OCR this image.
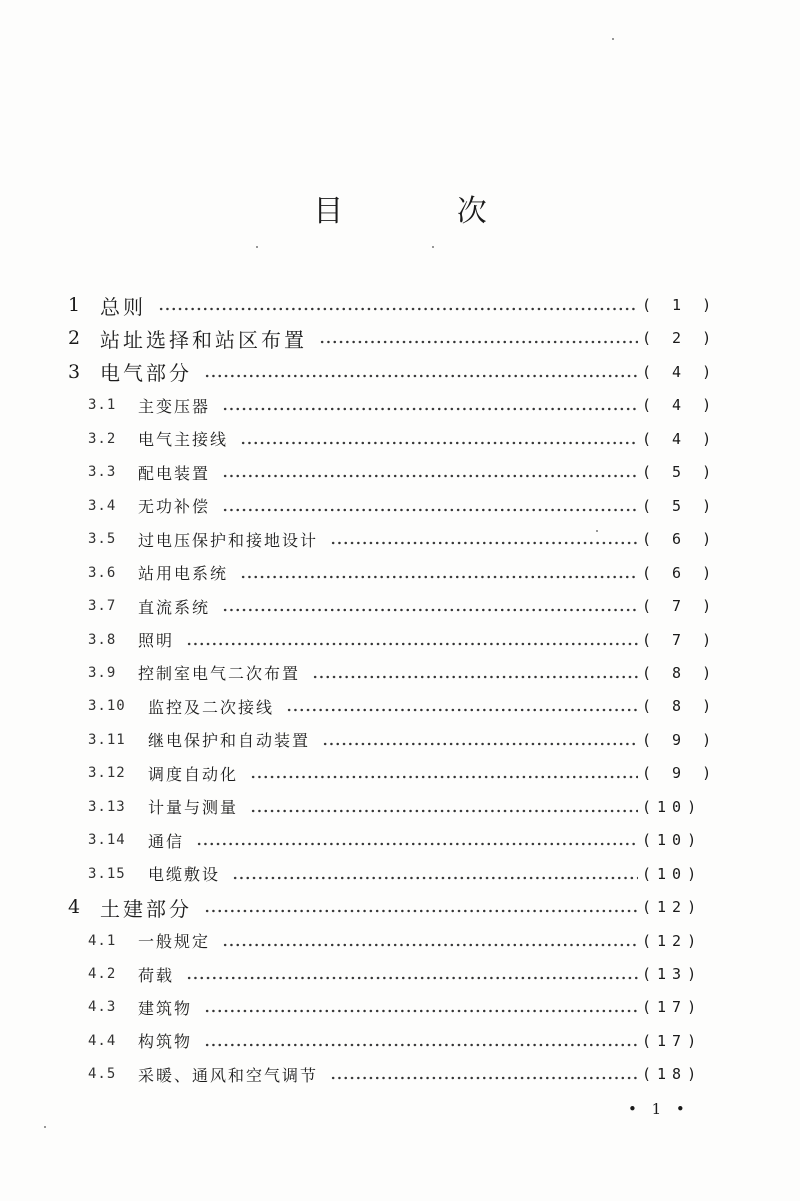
目 次
1 总则	( 1 )
2 站址选择和站区布置	( 2 )
3 电气部分	( 4 )
3.1	主变压器	( 4 )
3.2	电气主接线	( 4 )
3.3	配电装置	( 5 )
3.4	无功补偿	( 5 )
3.5	过电压保护和接地设计	( 6 )
3.6	站用电系统	( 6 )
3.7	直流系统	( 7 )
3.8	照明	( 7 )
3.9	控制室电气二次布置	( 8 )
3.10	监控及二次接线	( 8 )
3.11	继电保护和自动装置	( 9 )
3.12	调度自动化	( 9 )
3.13	计量与测量	(10)
3.14	通信	(10)
3.15	电缆敷设	(10)
4 土建部分	(12)
4.1	一般规定	(12)
4.2	荷载	(13)
4.3	建筑物	(17)
4.4	构筑物	(17)
4.5	采暖、通风和空气调节	(18)
• 1 •
